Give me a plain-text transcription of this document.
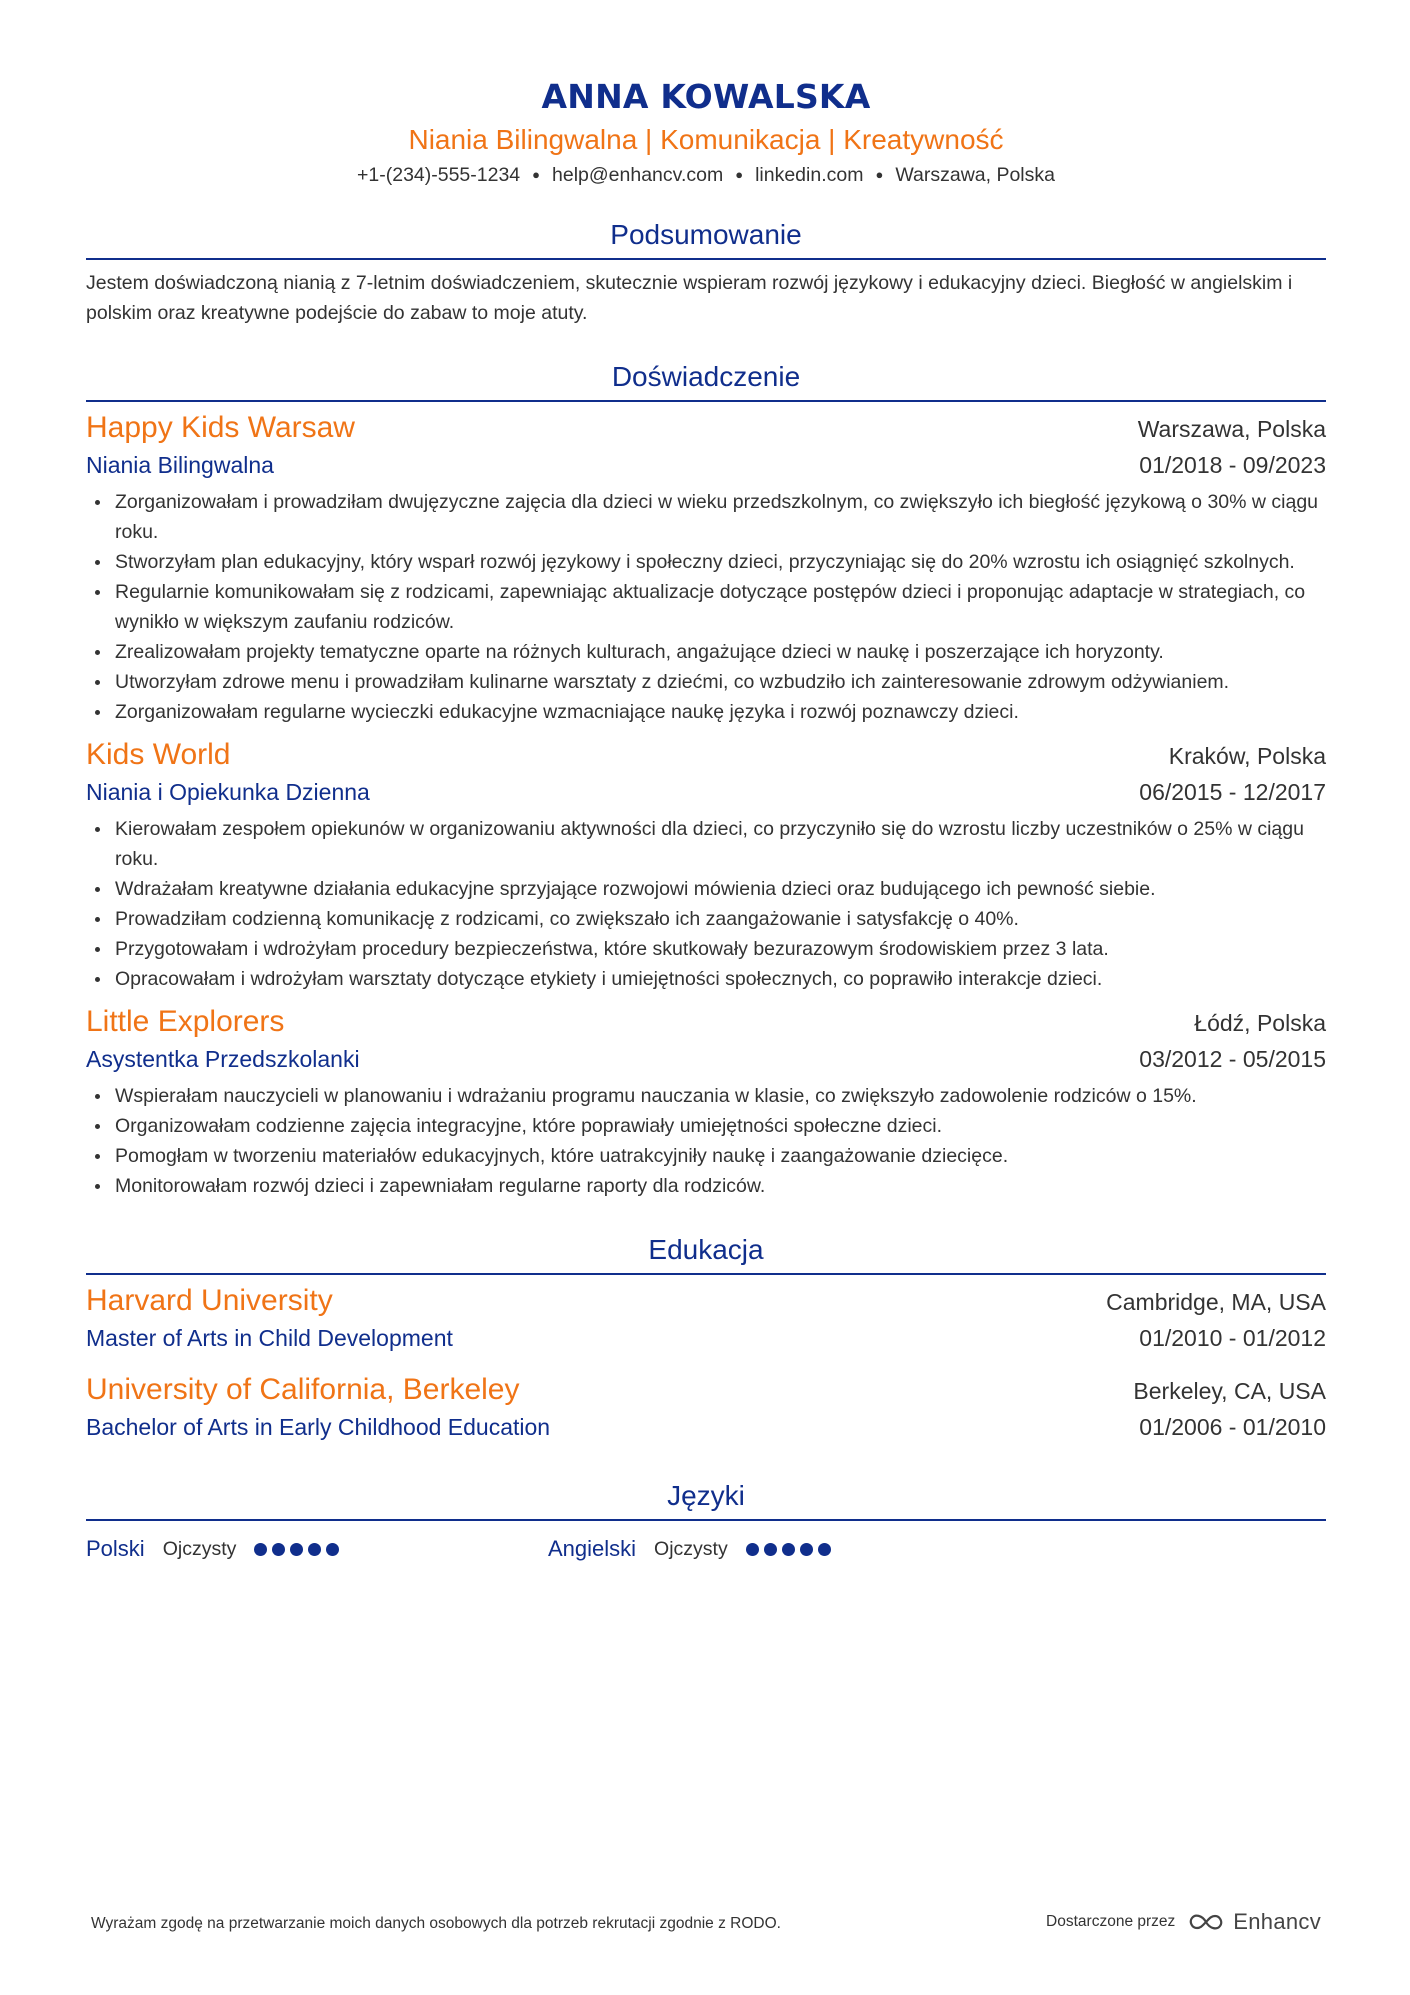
ANNA KOWALSKA
Niania Bilingwalna | Komunikacja | Kreatywność
+1-(234)-555-1234 ● help@enhancv.com ● linkedin.com ● Warszawa, Polska
Podsumowanie
Jestem doświadczoną nianią z 7-letnim doświadczeniem, skutecznie wspieram rozwój językowy i edukacyjny dzieci. Biegłość w angielskim i polskim oraz kreatywne podejście do zabaw to moje atuty.
Doświadczenie
Happy Kids Warsaw	Warszawa, Polska
Niania Bilingwalna	01/2018 - 09/2023
Zorganizowałam i prowadziłam dwujęzyczne zajęcia dla dzieci w wieku przedszkolnym, co zwiększyło ich biegłość językową o 30% w ciągu roku.
Stworzyłam plan edukacyjny, który wsparł rozwój językowy i społeczny dzieci, przyczyniając się do 20% wzrostu ich osiągnięć szkolnych.
Regularnie komunikowałam się z rodzicami, zapewniając aktualizacje dotyczące postępów dzieci i proponując adaptacje w strategiach, co wynikło w większym zaufaniu rodziców.
Zrealizowałam projekty tematyczne oparte na różnych kulturach, angażujące dzieci w naukę i poszerzające ich horyzonty.
Utworzyłam zdrowe menu i prowadziłam kulinarne warsztaty z dziećmi, co wzbudziło ich zainteresowanie zdrowym odżywianiem.
Zorganizowałam regularne wycieczki edukacyjne wzmacniające naukę języka i rozwój poznawczy dzieci.
Kids World	Kraków, Polska
Niania i Opiekunka Dzienna	06/2015 - 12/2017
Kierowałam zespołem opiekunów w organizowaniu aktywności dla dzieci, co przyczyniło się do wzrostu liczby uczestników o 25% w ciągu roku.
Wdrażałam kreatywne działania edukacyjne sprzyjające rozwojowi mówienia dzieci oraz budującego ich pewność siebie.
Prowadziłam codzienną komunikację z rodzicami, co zwiększało ich zaangażowanie i satysfakcję o 40%.
Przygotowałam i wdrożyłam procedury bezpieczeństwa, które skutkowały bezurazowym środowiskiem przez 3 lata.
Opracowałam i wdrożyłam warsztaty dotyczące etykiety i umiejętności społecznych, co poprawiło interakcje dzieci.
Little Explorers	Łódź, Polska
Asystentka Przedszkolanki	03/2012 - 05/2015
Wspierałam nauczycieli w planowaniu i wdrażaniu programu nauczania w klasie, co zwiększyło zadowolenie rodziców o 15%.
Organizowałam codzienne zajęcia integracyjne, które poprawiały umiejętności społeczne dzieci.
Pomogłam w tworzeniu materiałów edukacyjnych, które uatrakcyjniły naukę i zaangażowanie dziecięce.
Monitorowałam rozwój dzieci i zapewniałam regularne raporty dla rodziców.
Edukacja
Harvard University	Cambridge, MA, USA
Master of Arts in Child Development	01/2010 - 01/2012
University of California, Berkeley	Berkeley, CA, USA
Bachelor of Arts in Early Childhood Education	01/2006 - 01/2010
Języki
Polski Ojczysty	Angielski Ojczysty
Wyrażam zgodę na przetwarzanie moich danych osobowych dla potrzeb rekrutacji zgodnie z RODO.	Dostarczone przez	Enhancv
